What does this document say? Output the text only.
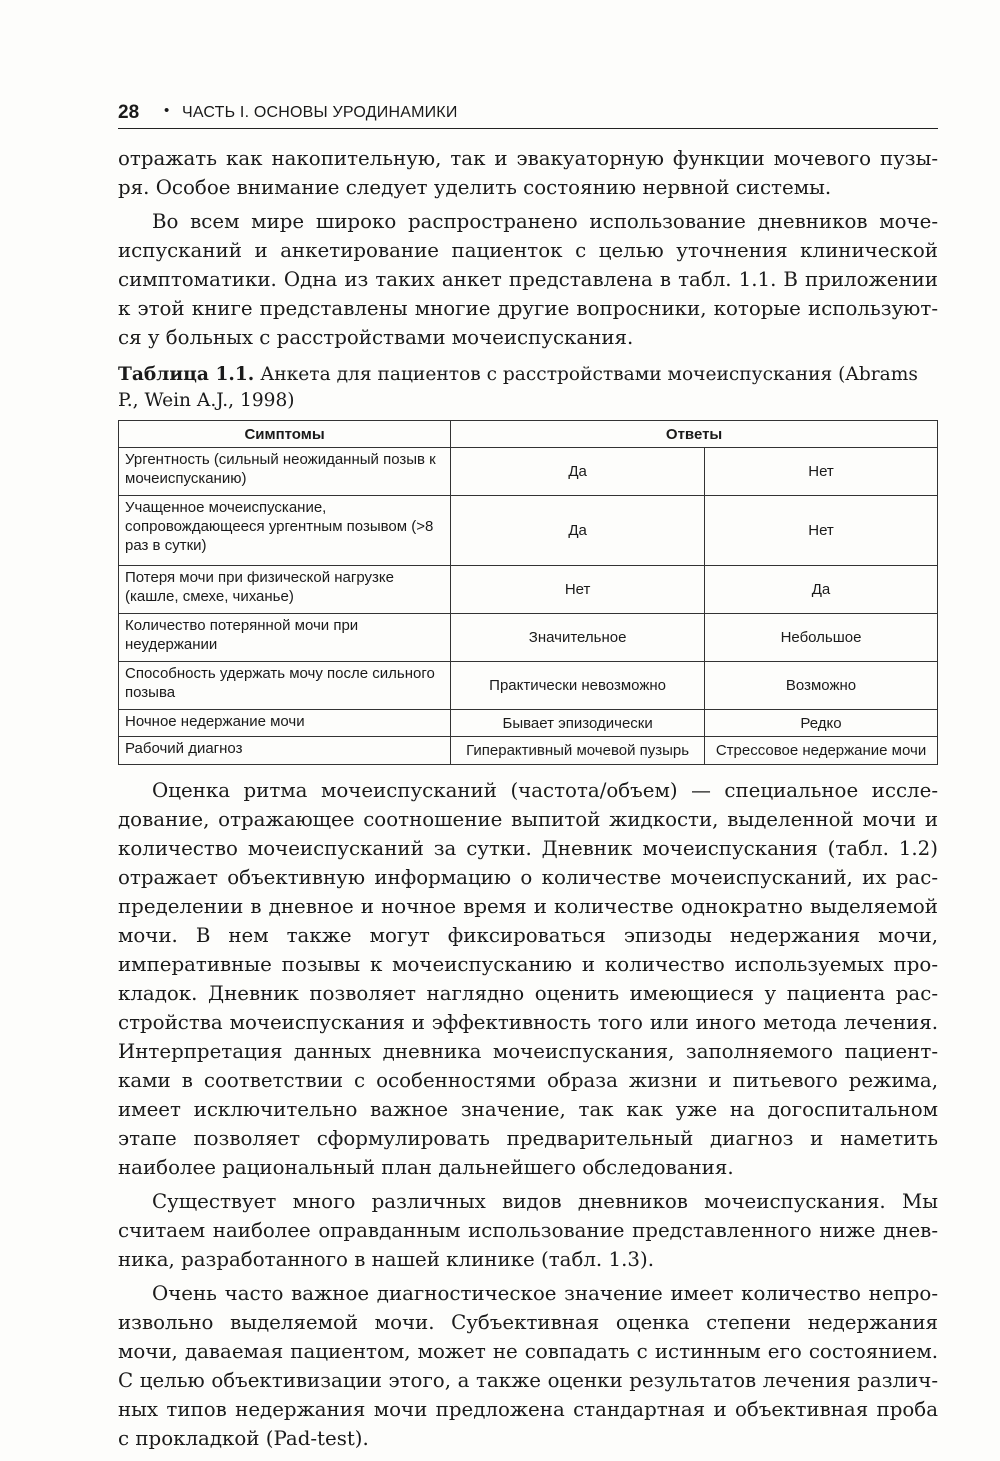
28 • ЧАСТЬ I. ОСНОВЫ УРОДИНАМИКИ

отражать как накопительную, так и эвакуаторную функции мочевого пузыря. Особое внимание следует уделить состоянию нервной системы.

Во всем мире широко распространено использование дневников мочеиспусканий и анкетирование пациенток с целью уточнения клинической симптоматики. Одна из таких анкет представлена в табл. 1.1. В приложении к этой книге представлены многие другие вопросники, которые используются у больных с расстройствами мочеиспускания.

Таблица 1.1. Анкета для пациентов с расстройствами мочеиспускания (Abrams P., Wein A.J., 1998)
Симптомы	Ответы	
Ургентность (сильный неожиданный позыв к мочеиспусканию)	Да	Нет
Учащенное мочеиспускание, сопровождающееся ургентным позывом (>8 раз в сутки)	Да	Нет
Потеря мочи при физической нагрузке (кашле, смехе, чиханье)	Нет	Да
Количество потерянной мочи при неудержании	Значительное	Небольшое
Способность удержать мочу после сильного позыва	Практически невозможно	Возможно
Ночное недержание мочи	Бывает эпизодически	Редко
Рабочий диагноз	Гиперактивный мочевой пузырь	Стрессовое недержание мочи

Оценка ритма мочеиспусканий (частота/объем) — специальное исследование, отражающее соотношение выпитой жидкости, выделенной мочи и количество мочеиспусканий за сутки. Дневник мочеиспускания (табл. 1.2) отражает объективную информацию о количестве мочеиспусканий, их распределении в дневное и ночное время и количестве однократно выделяемой мочи. В нем также могут фиксироваться эпизоды недержания мочи, императивные позывы к мочеиспусканию и количество используемых прокладок. Дневник позволяет наглядно оценить имеющиеся у пациента расстройства мочеиспускания и эффективность того или иного метода лечения. Интерпретация данных дневника мочеиспускания, заполняемого пациентками в соответствии с особенностями образа жизни и питьевого режима, имеет исключительно важное значение, так как уже на догоспитальном этапе позволяет сформулировать предварительный диагноз и наметить наиболее рациональный план дальнейшего обследования.

Существует много различных видов дневников мочеиспускания. Мы считаем наиболее оправданным использование представленного ниже дневника, разработанного в нашей клинике (табл. 1.3).

Очень часто важное диагностическое значение имеет количество непроизвольно выделяемой мочи. Субъективная оценка степени недержания мочи, даваемая пациентом, может не совпадать с истинным его состоянием. С целью объективизации этого, а также оценки результатов лечения различных типов недержания мочи предложена стандартная и объективная проба с прокладкой (Pad-test).
